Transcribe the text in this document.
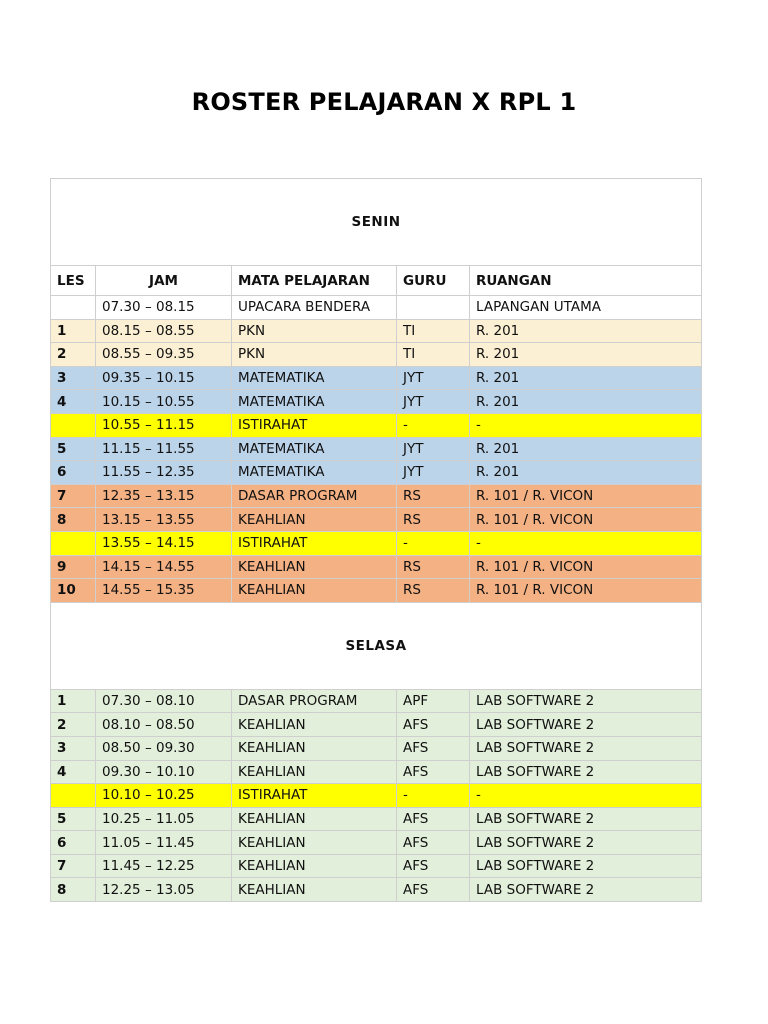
ROSTER PELAJARAN X RPL 1
SENIN				
LES	JAM	MATA PELAJARAN	GURU	RUANGAN
	07.30 – 08.15	UPACARA BENDERA		LAPANGAN UTAMA
1	08.15 – 08.55	PKN	TI	R. 201
2	08.55 – 09.35	PKN	TI	R. 201
3	09.35 – 10.15	MATEMATIKA	JYT	R. 201
4	10.15 – 10.55	MATEMATIKA	JYT	R. 201
	10.55 – 11.15	ISTIRAHAT	-	-
5	11.15 – 11.55	MATEMATIKA	JYT	R. 201
6	11.55 – 12.35	MATEMATIKA	JYT	R. 201
7	12.35 – 13.15	DASAR PROGRAM	RS	R. 101 / R. VICON
8	13.15 – 13.55	KEAHLIAN	RS	R. 101 / R. VICON
	13.55 – 14.15	ISTIRAHAT	-	-
9	14.15 – 14.55	KEAHLIAN	RS	R. 101 / R. VICON
10	14.55 – 15.35	KEAHLIAN	RS	R. 101 / R. VICON
SELASA				
1	07.30 – 08.10	DASAR PROGRAM	APF	LAB SOFTWARE 2
2	08.10 – 08.50	KEAHLIAN	AFS	LAB SOFTWARE 2
3	08.50 – 09.30	KEAHLIAN	AFS	LAB SOFTWARE 2
4	09.30 – 10.10	KEAHLIAN	AFS	LAB SOFTWARE 2
	10.10 – 10.25	ISTIRAHAT	-	-
5	10.25 – 11.05	KEAHLIAN	AFS	LAB SOFTWARE 2
6	11.05 – 11.45	KEAHLIAN	AFS	LAB SOFTWARE 2
7	11.45 – 12.25	KEAHLIAN	AFS	LAB SOFTWARE 2
8	12.25 – 13.05	KEAHLIAN	AFS	LAB SOFTWARE 2
